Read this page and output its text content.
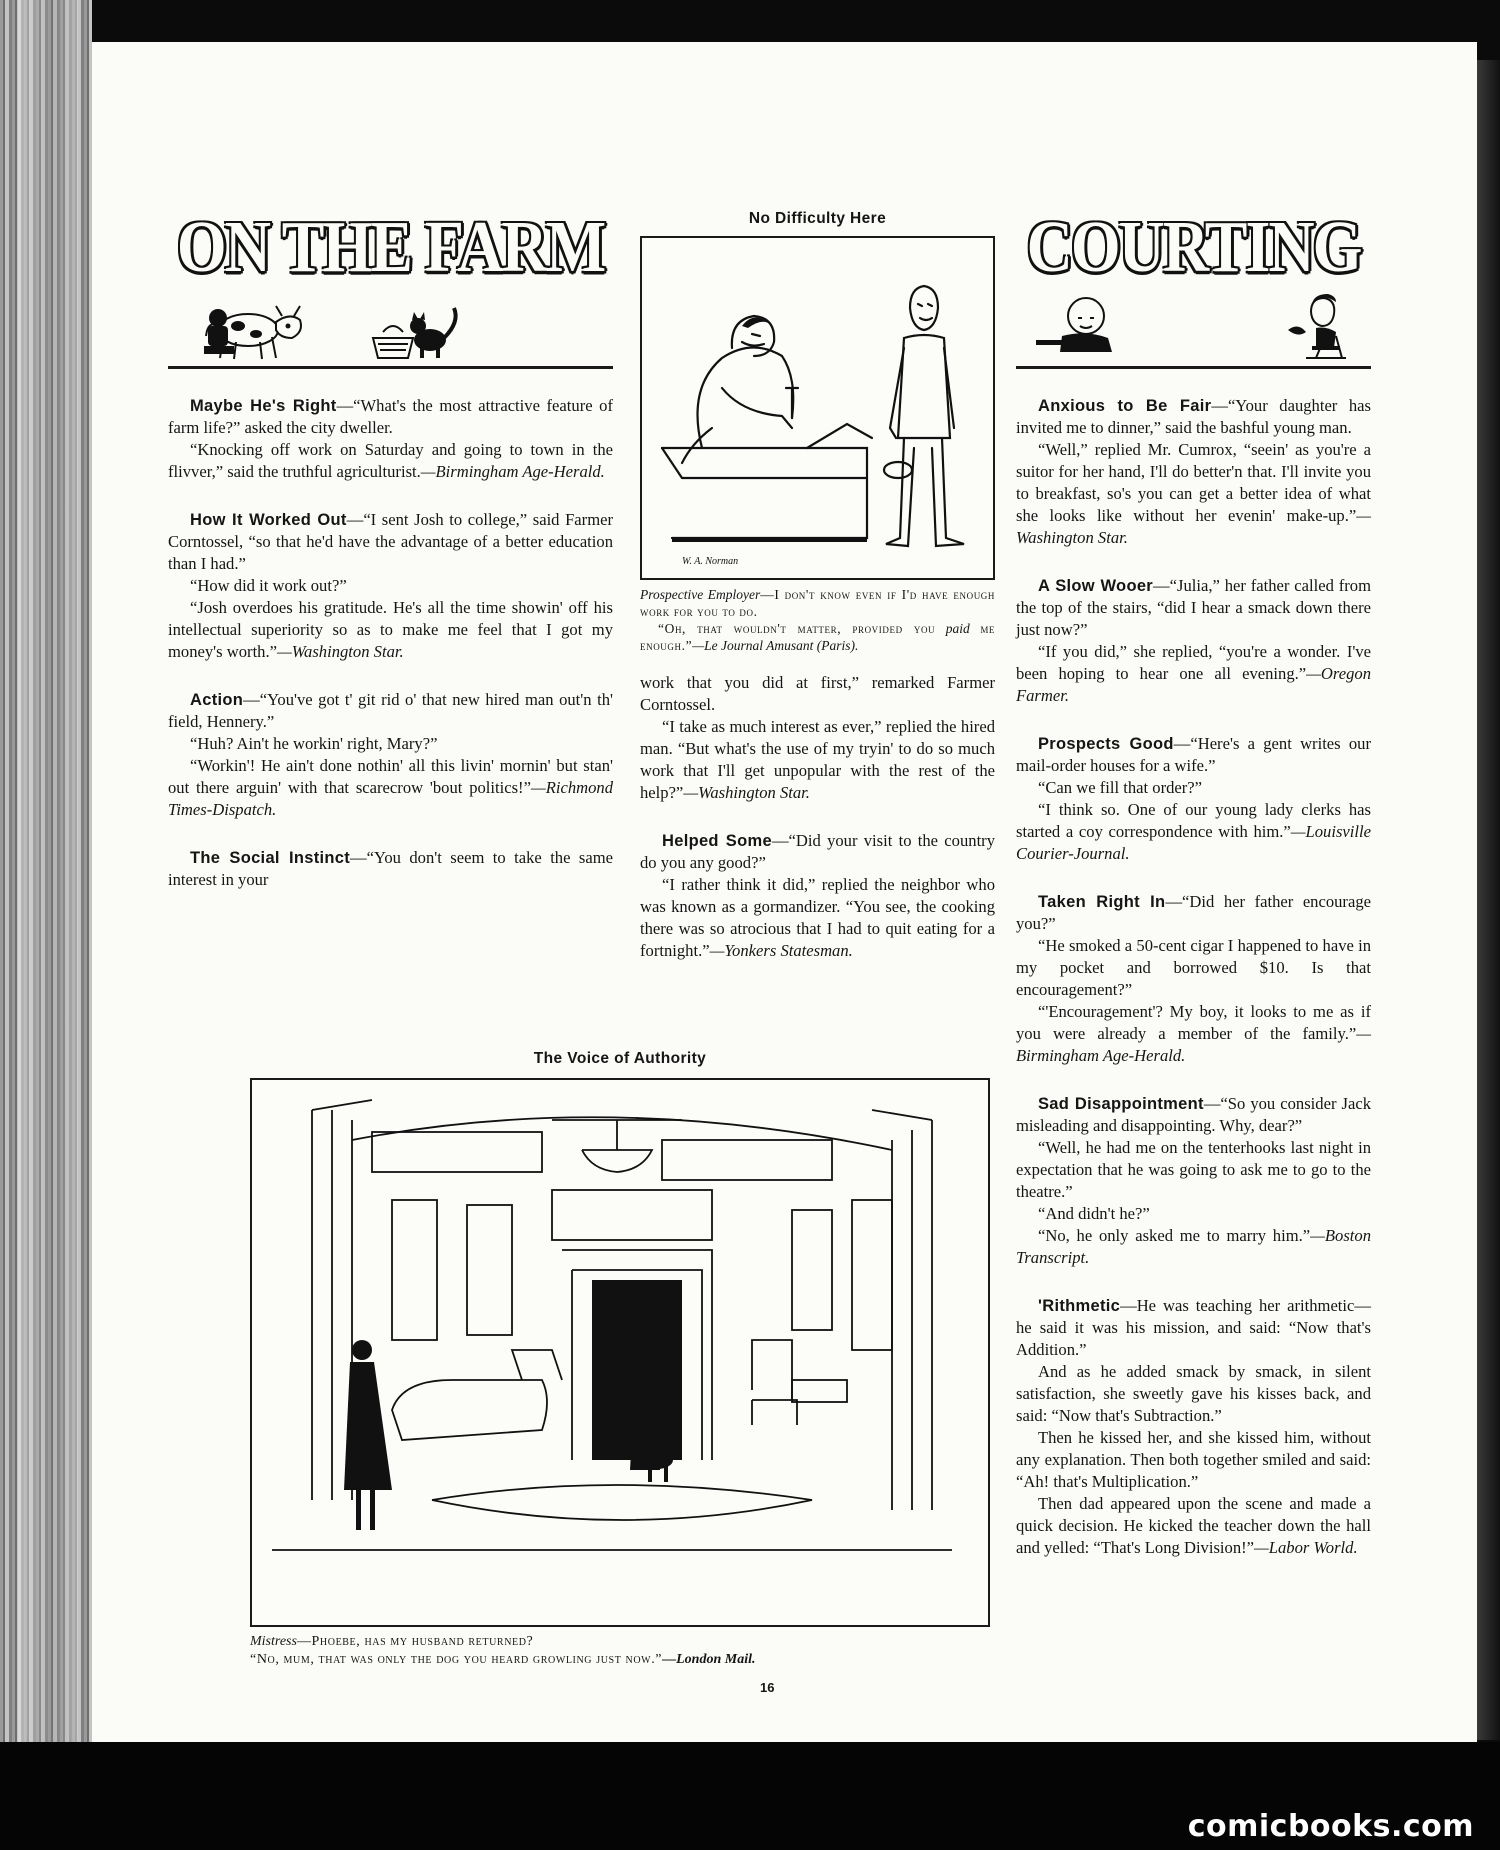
comicbooks.com

ON THE FARM

Maybe He's Right—“What's the most attractive feature of farm life?” asked the city dweller.

“Knocking off work on Saturday and going to town in the flivver,” said the truthful agriculturist.—Birmingham Age-Herald.

How It Worked Out—“I sent Josh to college,” said Farmer Corntossel, “so that he'd have the advantage of a better education than I had.”

“How did it work out?”

“Josh overdoes his gratitude. He's all the time showin' off his intellectual superiority so as to make me feel that I got my money's worth.”—Washington Star.

Action—“You've got t' git rid o' that new hired man out'n th' field, Hennery.”

“Huh? Ain't he workin' right, Mary?”

“Workin'! He ain't done nothin' all this livin' mornin' but stan' out there arguin' with that scarecrow 'bout politics!”—Richmond Times-Dispatch.

The Social Instinct—“You don't seem to take the same interest in your

No Difficulty Here

W. A. Norman

Prospective Employer—I don't know even if I'd have enough work for you to do.
“Oh, that wouldn't matter, provided you paid me enough.”—Le Journal Amusant (Paris).

work that you did at first,” remarked Farmer Corntossel.

“I take as much interest as ever,” replied the hired man. “But what's the use of my tryin' to do so much work that I'll get unpopular with the rest of the help?”—Washington Star.

Helped Some—“Did your visit to the country do you any good?”

“I rather think it did,” replied the neighbor who was known as a gormandizer. “You see, the cooking there was so atrocious that I had to quit eating for a fortnight.”—Yonkers Statesman.

COURTING

Anxious to Be Fair—“Your daughter has invited me to dinner,” said the bashful young man.

“Well,” replied Mr. Cumrox, “seein' as you're a suitor for her hand, I'll do better'n that. I'll invite you to breakfast, so's you can get a better idea of what she looks like without her evenin' make-up.”—Washington Star.

A Slow Wooer—“Julia,” her father called from the top of the stairs, “did I hear a smack down there just now?”

“If you did,” she replied, “you're a wonder. I've been hoping to hear one all evening.”—Oregon Farmer.

Prospects Good—“Here's a gent writes our mail-order houses for a wife.”

“Can we fill that order?”

“I think so. One of our young lady clerks has started a coy correspondence with him.”—Louisville Courier-Journal.

Taken Right In—“Did her father encourage you?”

“He smoked a 50-cent cigar I happened to have in my pocket and borrowed $10. Is that encouragement?”

“'Encouragement'? My boy, it looks to me as if you were already a member of the family.”—Birmingham Age-Herald.

Sad Disappointment—“So you consider Jack misleading and disappointing. Why, dear?”

“Well, he had me on the tenterhooks last night in expectation that he was going to ask me to go to the theatre.”

“And didn't he?”

“No, he only asked me to marry him.”—Boston Transcript.

'Rithmetic—He was teaching her arithmetic—he said it was his mission, and said: “Now that's Addition.”

And as he added smack by smack, in silent satisfaction, she sweetly gave his kisses back, and said: “Now that's Subtraction.”

Then he kissed her, and she kissed him, without any explanation. Then both together smiled and said: “Ah! that's Multiplication.”

Then dad appeared upon the scene and made a quick decision. He kicked the teacher down the hall and yelled: “That's Long Division!”—Labor World.

The Voice of Authority

Mistress—Phoebe, has my husband returned?
“No, mum, that was only the dog you heard growling just now.”—London Mail.

16
